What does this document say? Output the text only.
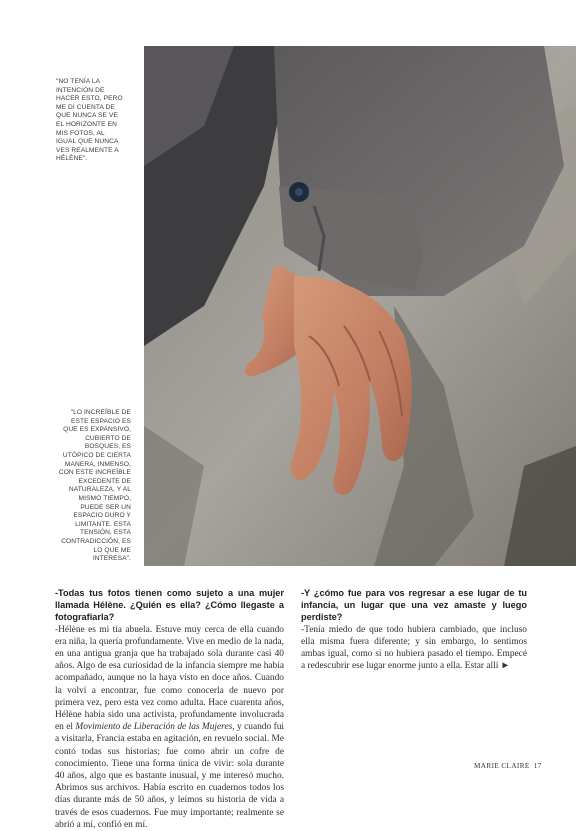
"NO TENÍA LA INTENCIÓN DE HACER ESTO, PERO ME DI CUENTA DE QUE NUNCA SE VE EL HORIZONTE EN MIS FOTOS, AL IGUAL QUE NUNCA VES REALMENTE A HÉLÈNE".
"LO INCREÍBLE DE ESTE ESPACIO ES QUE ES EXPANSIVO, CUBIERTO DE BOSQUES, ES UTÓPICO DE CIERTA MANERA, INMENSO, CON ESTE INCREÍBLE EXCEDENTE DE NATURALEZA, Y AL MISMO TIEMPO, PUEDE SER UN ESPACIO DURO Y LIMITANTE. ESTA TENSIÓN, ESTA CONTRADICCIÓN, ES LO QUE ME INTERESA".

-Todas tus fotos tienen como sujeto a una mujer llamada Hélène. ¿Quién es ella? ¿Cómo llegaste a fotografiarla?

-Hélène es mi tía abuela. Estuve muy cerca de ella cuando era niña, la quería profundamente. Vive en medio de la nada, en una antigua granja que ha trabajado sola durante casi 40 años. Algo de esa curiosidad de la infancia siempre me había acompañado, aunque no la haya visto en doce años. Cuando la volví a encontrar, fue como conocerla de nuevo por primera vez, pero esta vez como adulta. Hace cuarenta años, Hélène había sido una activista, profundamente involucrada en el Movimiento de Liberación de las Mujeres, y cuando fui a visitarla, Francia estaba en agitación, en revuelo social. Me contó todas sus historias; fue como abrir un cofre de conocimiento. Tiene una forma única de vivir: sola durante 40 años, algo que es bastante inusual, y me interesó mucho. Abrimos sus archivos. Había escrito en cuadernos todos los días durante más de 50 años, y leímos su historia de vida a través de esos cuadernos. Fue muy importante; realmente se abrió a mí, confió en mí.

-Y ¿cómo fue para vos regresar a ese lugar de tu infancia, un lugar que una vez amaste y luego perdiste?

-Tenía miedo de que todo hubiera cambiado, que incluso ella misma fuera diferente; y sin embargo, lo sentimos ambas igual, como si no hubiera pasado el tiempo. Empecé a redescubrir ese lugar enorme junto a ella. Estar allí ►

MARIE CLAIRE 17
